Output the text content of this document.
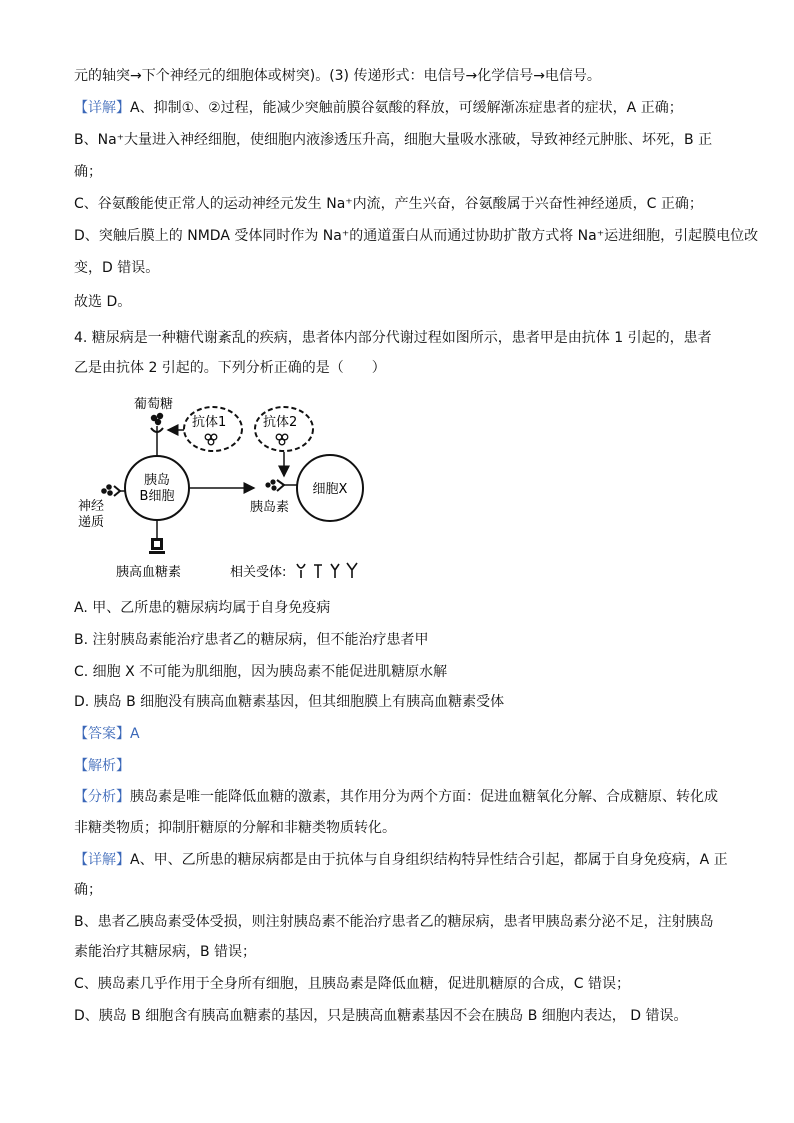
元的轴突→下个神经元的细胞体或树突)。(3) 传递形式：电信号→化学信号→电信号。
【详解】A、抑制①、②过程，能减少突触前膜谷氨酸的释放，可缓解渐冻症患者的症状，A 正确；
B、Na⁺大量进入神经细胞，使细胞内液渗透压升高，细胞大量吸水涨破，导致神经元肿胀、坏死，B 正
确；
C、谷氨酸能使正常人的运动神经元发生 Na⁺内流，产生兴奋，谷氨酸属于兴奋性神经递质，C 正确；
D、突触后膜上的 NMDA 受体同时作为 Na⁺的通道蛋白从而通过协助扩散方式将 Na⁺运进细胞，引起膜电位改
变，D 错误。
故选 D。
4. 糖尿病是一种糖代谢紊乱的疾病，患者体内部分代谢过程如图所示，患者甲是由抗体 1 引起的，患者
乙是由抗体 2 引起的。下列分析正确的是（　　）
葡萄糖
抗体1	抗体2
胰岛
B细胞
神经
递质
胰岛素
细胞X
胰高血糖素	相关受体:
A. 甲、乙所患的糖尿病均属于自身免疫病
B. 注射胰岛素能治疗患者乙的糖尿病，但不能治疗患者甲
C. 细胞 X 不可能为肌细胞，因为胰岛素不能促进肌糖原水解
D. 胰岛 B 细胞没有胰高血糖素基因，但其细胞膜上有胰高血糖素受体
【答案】A
【解析】
【分析】胰岛素是唯一能降低血糖的激素，其作用分为两个方面：促进血糖氧化分解、合成糖原、转化成
非糖类物质；抑制肝糖原的分解和非糖类物质转化。
【详解】A、甲、乙所患的糖尿病都是由于抗体与自身组织结构特异性结合引起，都属于自身免疫病，A 正
确；
B、患者乙胰岛素受体受损，则注射胰岛素不能治疗患者乙的糖尿病，患者甲胰岛素分泌不足，注射胰岛
素能治疗其糖尿病，B 错误；
C、胰岛素几乎作用于全身所有细胞，且胰岛素是降低血糖，促进肌糖原的合成，C 错误；
D、胰岛 B 细胞含有胰高血糖素的基因，只是胰高血糖素基因不会在胰岛 B 细胞内表达， D 错误。
